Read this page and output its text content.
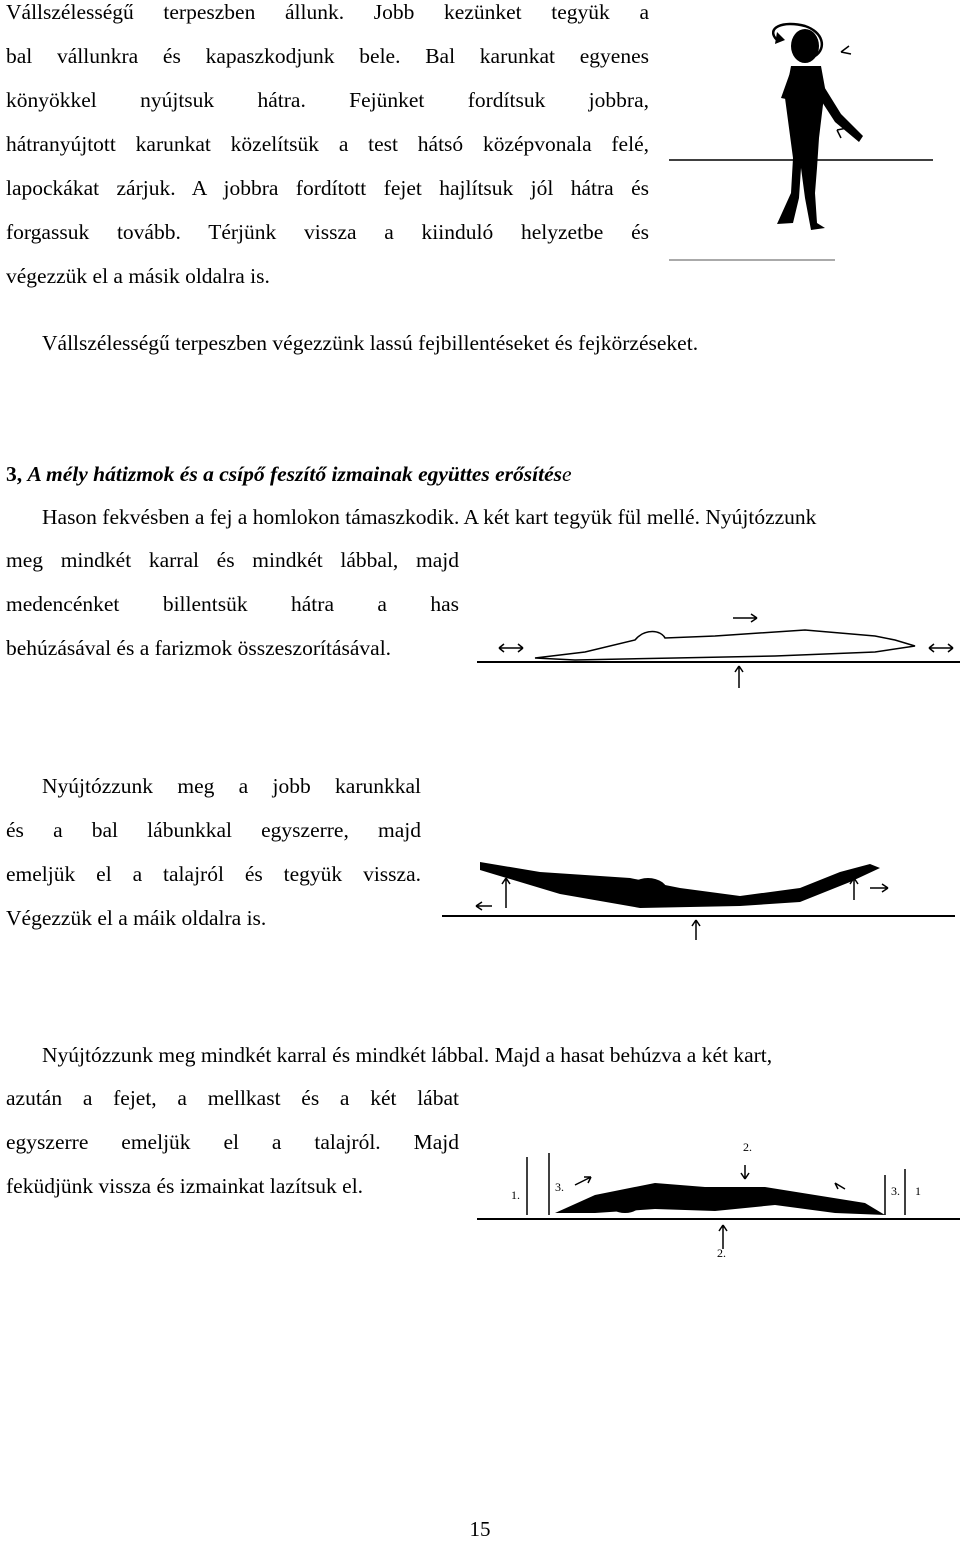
Vállszélességű terpeszben állunk. Jobb kezünket tegyük a
bal vállunkra és kapaszkodjunk bele. Bal karunkat egyenes
könyökkel nyújtsuk hátra. Fejünket fordítsuk jobbra,
hátranyújtott karunkat közelítsük a test hátsó középvonala felé,
lapockákat zárjuk. A jobbra fordított fejet hajlítsuk jól hátra és
forgassuk tovább. Térjünk vissza a kiinduló helyzetbe és
végezzük el a másik oldalra is.
Vállszélességű terpeszben végezzünk lassú fejbillentéseket és fejkörzéseket.
3, A mély hátizmok és a csípő feszítő izmainak együttes erősítése
Hason fekvésben a fej a homlokon támaszkodik. A két kart tegyük fül mellé. Nyújtózzunk
meg mindkét karral és mindkét lábbal, majd
medencénket billentsük hátra a has
behúzásával és a farizmok összeszorításával.
Nyújtózzunk meg a jobb karunkkal
és a bal lábunkkal egyszerre, majd
emeljük el a talajról és tegyük vissza.
Végezzük el a máik oldalra is.
Nyújtózzunk meg mindkét karral és mindkét lábbal. Majd a hasat behúzva a két kart,
azután a fejet, a mellkast és a két lábat
egyszerre emeljük el a talajról. Majd
feküdjünk vissza és izmainkat lazítsuk el.	1.
2.
3.	3. 1
2.
15
